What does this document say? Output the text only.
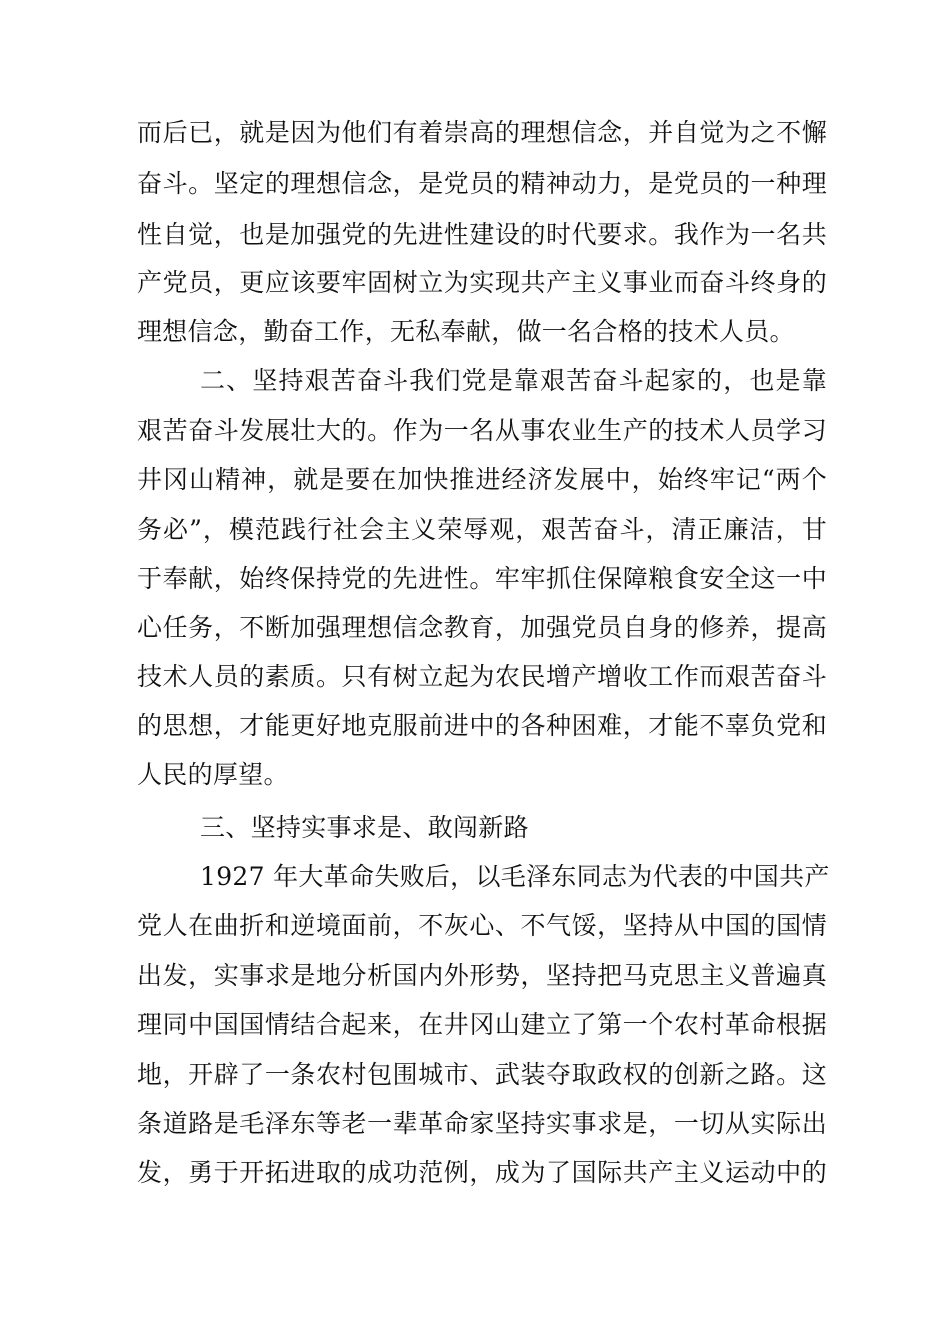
而后已，就是因为他们有着崇高的理想信念，并自觉为之不懈
奋斗。坚定的理想信念，是党员的精神动力，是党员的一种理
性自觉，也是加强党的先进性建设的时代要求。我作为一名共
产党员，更应该要牢固树立为实现共产主义事业而奋斗终身的
理想信念，勤奋工作，无私奉献，做一名合格的技术人员。
二、坚持艰苦奋斗我们党是靠艰苦奋斗起家的，也是靠
艰苦奋斗发展壮大的。作为一名从事农业生产的技术人员学习
井冈山精神，就是要在加快推进经济发展中，始终牢记“两个
务必”，模范践行社会主义荣辱观，艰苦奋斗，清正廉洁，甘
于奉献，始终保持党的先进性。牢牢抓住保障粮食安全这一中
心任务，不断加强理想信念教育，加强党员自身的修养，提高
技术人员的素质。只有树立起为农民增产增收工作而艰苦奋斗
的思想，才能更好地克服前进中的各种困难，才能不辜负党和
人民的厚望。
三、坚持实事求是、敢闯新路
1927 年大革命失败后，以毛泽东同志为代表的中国共产
党人在曲折和逆境面前，不灰心、不气馁，坚持从中国的国情
出发，实事求是地分析国内外形势，坚持把马克思主义普遍真
理同中国国情结合起来，在井冈山建立了第一个农村革命根据
地，开辟了一条农村包围城市、武装夺取政权的创新之路。这
条道路是毛泽东等老一辈革命家坚持实事求是，一切从实际出
发，勇于开拓进取的成功范例，成为了国际共产主义运动中的
